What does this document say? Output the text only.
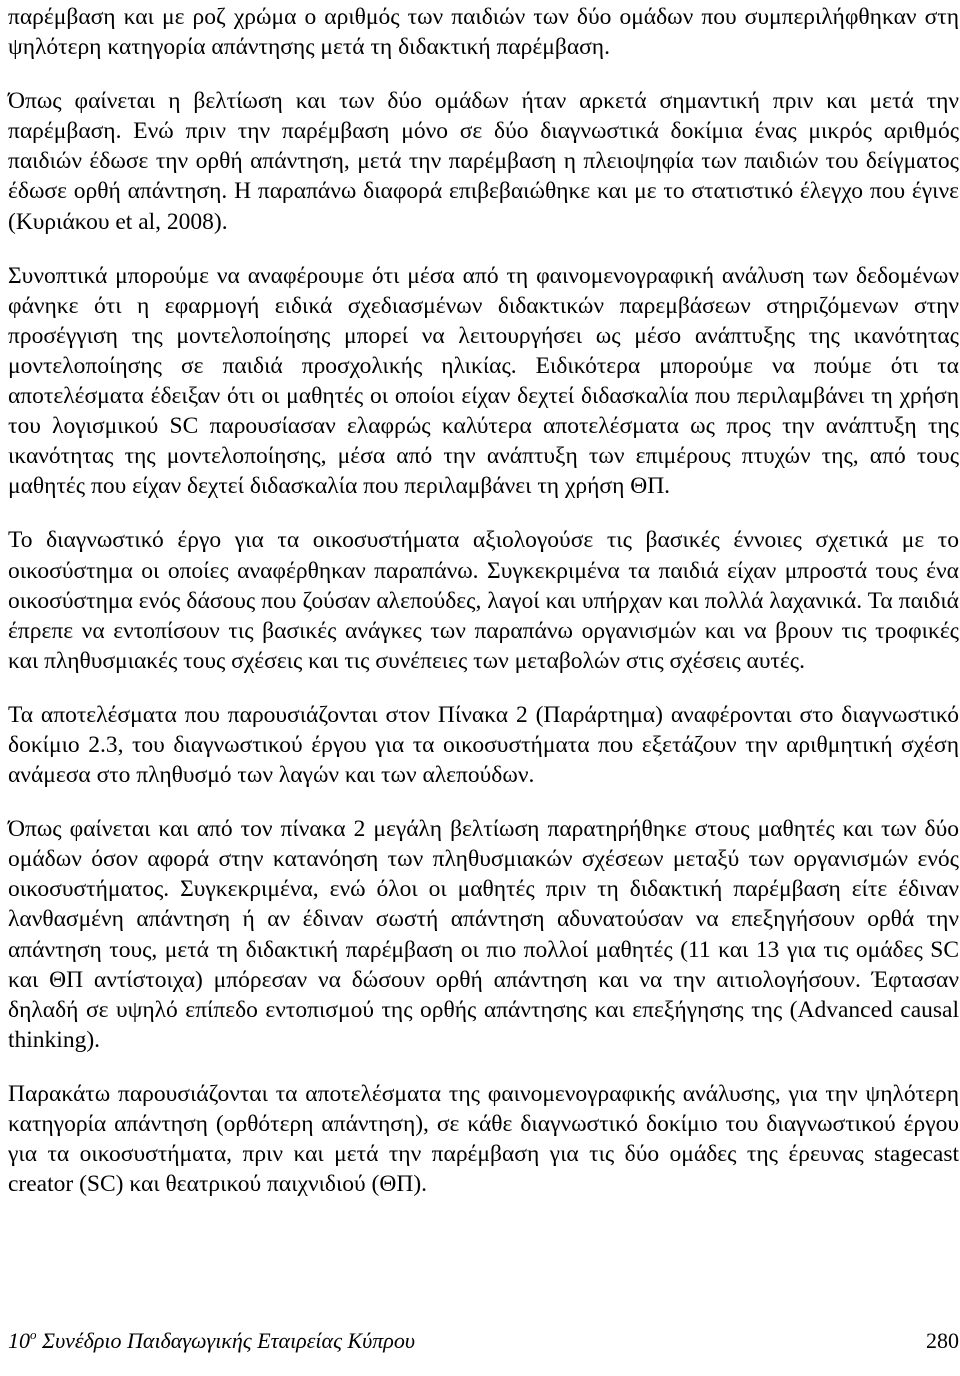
παρέμβαση και με ροζ χρώμα ο αριθμός των παιδιών των δύο ομάδων που συμπεριλήφθηκαν στη ψηλότερη κατηγορία απάντησης μετά τη διδακτική παρέμβαση.

Όπως φαίνεται η βελτίωση και των δύο ομάδων ήταν αρκετά σημαντική πριν και μετά την παρέμβαση. Ενώ πριν την παρέμβαση μόνο σε δύο διαγνωστικά δοκίμια ένας μικρός αριθμός παιδιών έδωσε την ορθή απάντηση, μετά την παρέμβαση η πλειοψηφία των παιδιών του δείγματος έδωσε ορθή απάντηση. Η παραπάνω διαφορά επιβεβαιώθηκε και με το στατιστικό έλεγχο που έγινε (Κυριάκου et al, 2008).

Συνοπτικά μπορούμε να αναφέρουμε ότι μέσα από τη φαινομενογραφική ανάλυση των δεδομένων φάνηκε ότι η εφαρμογή ειδικά σχεδιασμένων διδακτικών παρεμβάσεων στηριζόμενων στην προσέγγιση της μοντελοποίησης μπορεί να λειτουργήσει ως μέσο ανάπτυξης της ικανότητας μοντελοποίησης σε παιδιά προσχολικής ηλικίας. Ειδικότερα μπορούμε να πούμε ότι τα αποτελέσματα έδειξαν ότι οι μαθητές οι οποίοι είχαν δεχτεί διδασκαλία που περιλαμβάνει τη χρήση του λογισμικού SC παρουσίασαν ελαφρώς καλύτερα αποτελέσματα ως προς την ανάπτυξη της ικανότητας της μοντελοποίησης, μέσα από την ανάπτυξη των επιμέρους πτυχών της, από τους μαθητές που είχαν δεχτεί διδασκαλία που περιλαμβάνει τη χρήση ΘΠ.

Το διαγνωστικό έργο για τα οικοσυστήματα αξιολογούσε τις βασικές έννοιες σχετικά με το οικοσύστημα οι οποίες αναφέρθηκαν παραπάνω. Συγκεκριμένα τα παιδιά είχαν μπροστά τους ένα οικοσύστημα ενός δάσους που ζούσαν αλεπούδες, λαγοί και υπήρχαν και πολλά λαχανικά. Τα παιδιά έπρεπε να εντοπίσουν τις βασικές ανάγκες των παραπάνω οργανισμών και να βρουν τις τροφικές και πληθυσμιακές τους σχέσεις και τις συνέπειες των μεταβολών στις σχέσεις αυτές.

Τα αποτελέσματα που παρουσιάζονται στον Πίνακα 2 (Παράρτημα) αναφέρονται στο διαγνωστικό δοκίμιο 2.3, του διαγνωστικού έργου για τα οικοσυστήματα που εξετάζουν την αριθμητική σχέση ανάμεσα στο πληθυσμό των λαγών και των αλεπούδων.

Όπως φαίνεται και από τον πίνακα 2 μεγάλη βελτίωση παρατηρήθηκε στους μαθητές και των δύο ομάδων όσον αφορά στην κατανόηση των πληθυσμιακών σχέσεων μεταξύ των οργανισμών ενός οικοσυστήματος. Συγκεκριμένα, ενώ όλοι οι μαθητές πριν τη διδακτική παρέμβαση είτε έδιναν λανθασμένη απάντηση ή αν έδιναν σωστή απάντηση αδυνατούσαν να επεξηγήσουν ορθά την απάντηση τους, μετά τη διδακτική παρέμβαση οι πιο πολλοί μαθητές (11 και 13 για τις ομάδες SC και ΘΠ αντίστοιχα) μπόρεσαν να δώσουν ορθή απάντηση και να την αιτιολογήσουν. Έφτασαν δηλαδή σε υψηλό επίπεδο εντοπισμού της ορθής απάντησης και επεξήγησης της (Advanced causal thinking).

Παρακάτω παρουσιάζονται τα αποτελέσματα της φαινομενογραφικής ανάλυσης, για την ψηλότερη κατηγορία απάντηση (ορθότερη απάντηση), σε κάθε διαγνωστικό δοκίμιο του διαγνωστικού έργου για τα οικοσυστήματα, πριν και μετά την παρέμβαση για τις δύο ομάδες της έρευνας stagecast creator (SC) και θεατρικού παιχνιδιού (ΘΠ).

$10^o$ Συνέδριο Παιδαγωγικής Εταιρείας Κύπρου	280
